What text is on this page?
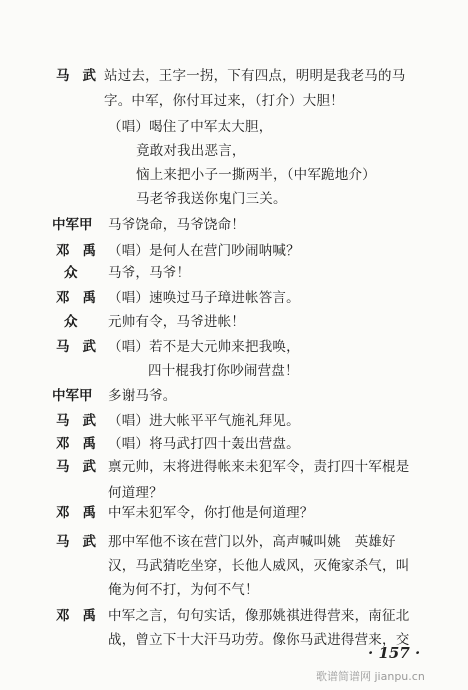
马 武 站过去，王字一拐，下有四点，明明是我老马的马
字。中军，你付耳过来，（打介）大胆！
（唱）喝住了中军太大胆，
竟敢对我出恶言，
恼上来把小子一撕两半，（中军跪地介）
马老爷我送你鬼门三关。
中军甲 马爷饶命，马爷饶命！
邓 禹 （唱）是何人在营门吵闹呐喊？
众 马爷，马爷！
邓 禹 （唱）速唤过马子璋进帐答言。
众 元帅有令，马爷进帐！
马 武 （唱）若不是大元帅来把我唤，
四十棍我打你吵闹营盘！
中军甲 多谢马爷。
马 武 （唱）进大帐平平气施礼拜见。
邓 禹 （唱）将马武打四十轰出营盘。
马 武 禀元帅，末将进得帐来未犯军令，责打四十军棍是
何道理？
邓 禹 中军未犯军令，你打他是何道理？
马 武 那中军他不该在营门以外，高声喊叫姚　英雄好
汉，马武猜吃坐穿，长他人威风，灭俺家杀气，叫
俺为何不打，为何不气！
邓 禹 中军之言，句句实话，像那姚祺进得营来，南征北
战，曾立下十大汗马功劳。像你马武进得营来，交
· 157 ·
歌谱简谱网 jianpu.cn
